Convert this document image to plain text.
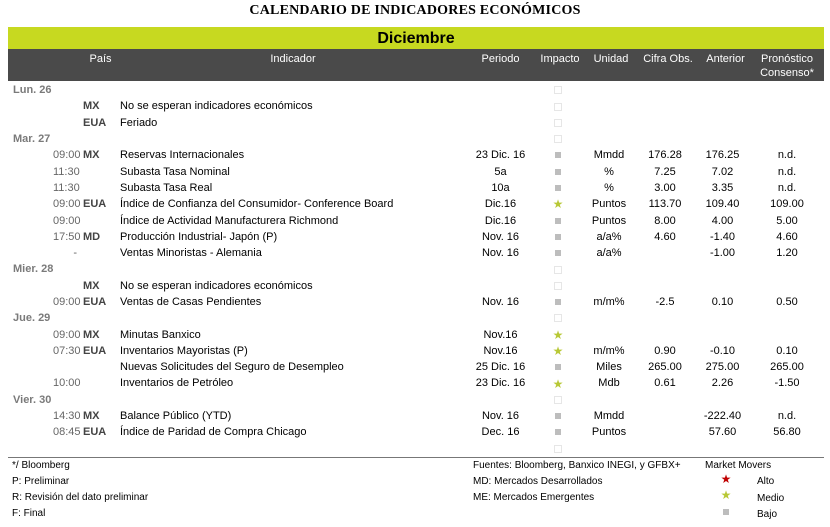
CALENDARIO DE INDICADORES ECONÓMICOS
Diciembre
País	Indicador	Periodo	Impacto	Unidad	Cifra Obs.	Anterior	Pronóstico
Consenso*
Lun. 26									
		MX	No se esperan indicadores económicos						
		EUA	Feriado						
Mar. 27									
	09:00	MX	Reservas Internacionales	23 Dic. 16		Mmdd	176.28	176.25	n.d.
	11:30		Subasta Tasa Nominal	5a		%	7.25	7.02	n.d.
	11:30		Subasta Tasa Real	10a		%	3.00	3.35	n.d.
	09:00	EUA	Índice de Confianza del Consumidor- Conference Board	Dic.16	★	Puntos	113.70	109.40	109.00
	09:00		Índice de Actividad Manufacturera Richmond	Dic.16		Puntos	8.00	4.00	5.00
	17:50	MD	Producción Industrial- Japón (P)	Nov. 16		a/a%	4.60	-1.40	4.60
	-		Ventas Minoristas - Alemania	Nov. 16		a/a%		-1.00	1.20
Mier. 28									
		MX	No se esperan indicadores económicos						
	09:00	EUA	Ventas de Casas Pendientes	Nov. 16		m/m%	-2.5	0.10	0.50
Jue. 29									
	09:00	MX	Minutas Banxico	Nov.16	★				
	07:30	EUA	Inventarios Mayoristas (P)	Nov.16	★	m/m%	0.90	-0.10	0.10
			Nuevas Solicitudes del Seguro de Desempleo	25 Dic. 16		Miles	265.00	275.00	265.00
	10:00		Inventarios de Petróleo	23 Dic. 16	★	Mdb	0.61	2.26	-1.50
Vier. 30									
	14:30	MX	Balance Público (YTD)	Nov. 16		Mmdd		-222.40	n.d.
	08:45	EUA	Índice de Paridad de Compra Chicago	Dec. 16		Puntos		57.60	56.80

*/ Bloomberg
P: Preliminar
R: Revisión del dato preliminar
F: Final
Fuentes: Bloomberg, Banxico INEGI, y GFBX+
MD: Mercados Desarrollados
ME: Mercados Emergentes
Market Movers
★	Alto
★	Medio
Bajo
